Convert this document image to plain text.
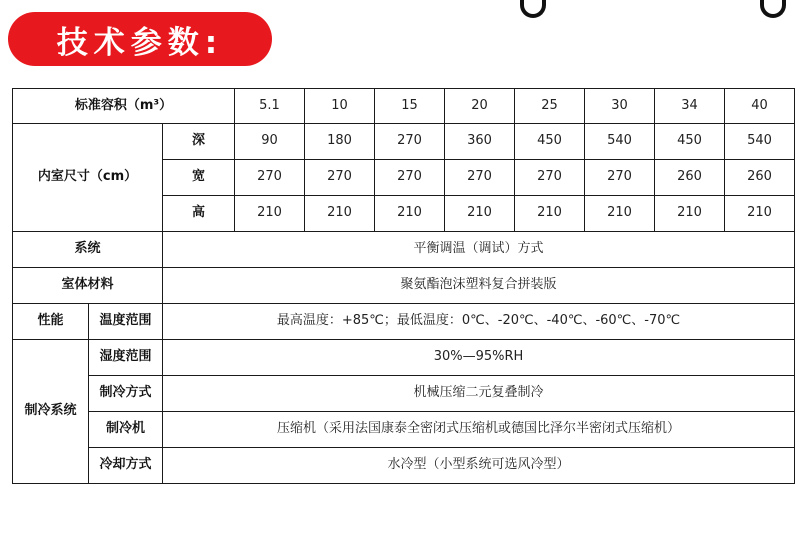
技术参数:
标准容积（m³）			5.1	10	15	20	25	30	34	40
内室尺寸（cm）		深	90	180	270	360	450	540	450	540
		宽	270	270	270	270	270	270	260	260
		高	210	210	210	210	210	210	210	210
系统		平衡调温（调试）方式								
室体材料		聚氨酯泡沫塑料复合拼装版								
性能	温度范围	最高温度：+85℃；最低温度：0℃、-20℃、-40℃、-60℃、-70℃								
制冷系统	湿度范围	30%—95%RH								
	制冷方式	机械压缩二元复叠制冷								
	制冷机	压缩机（采用法国康泰全密闭式压缩机或德国比泽尔半密闭式压缩机）								
	冷却方式	水冷型（小型系统可选风冷型）								
